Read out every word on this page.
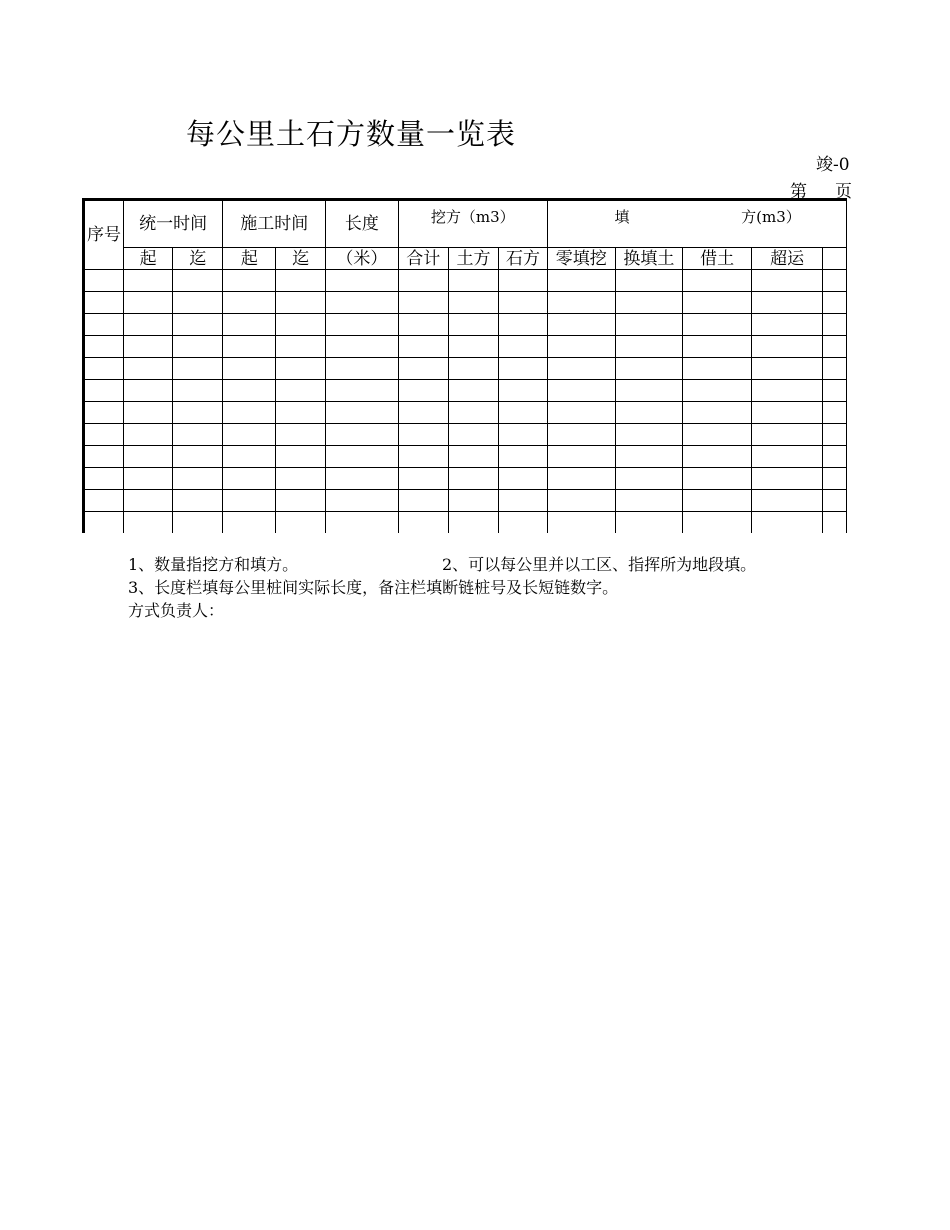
每公里土石方数量一览表
竣-0
第 页
序号	统一时间		施工时间		长度	挖方（m3）			填 方(m3）				
	起	迄	起	迄	（米）	合计	土方	石方	零填挖	换填土	借土	超运	

1、数量指挖方和填方。	2、可以每公里并以工区、指挥所为地段填。
3、长度栏填每公里桩间实际长度，备注栏填断链桩号及长短链数字。
方式负责人：
